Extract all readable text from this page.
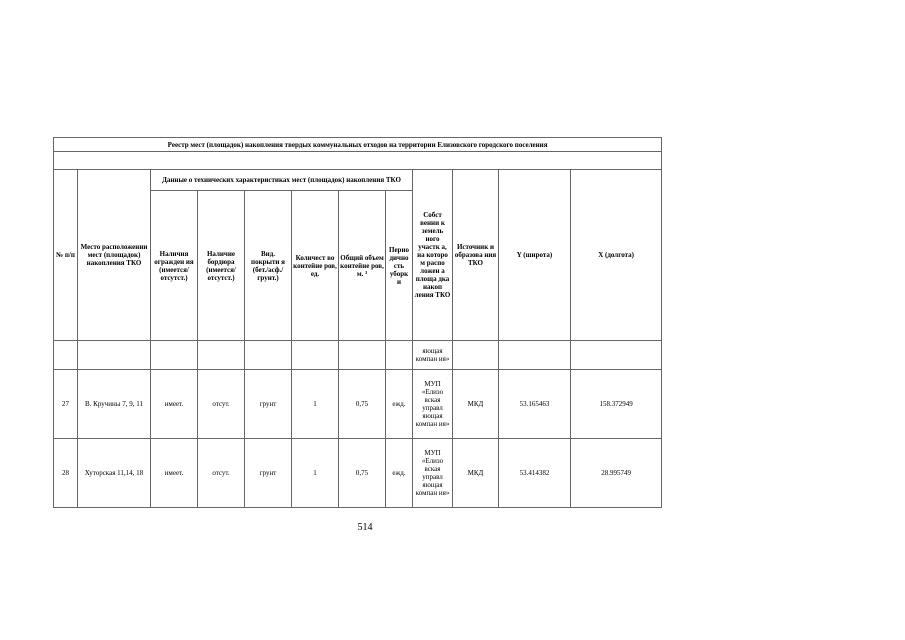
Реестр мест (площадок) накопления твердых коммунальных отходов на территории Елизовского городского поселения											

№ п/п	Место расположении мест (площадок) накопления ТКО	Данные о технических характеристиках мест (площадок) накопления ТКО						Собст венни к земель ного участк а, на которо м распо ложен а площа дка накоп ления ТКО	Источник и образова ния ТКО	Y (широта)	X (долгота)
		Наличия огражден ия (имеется/ отсутст.)	Наличие бордюра (имеется/ отсутст.)	Вид. покрыти я (бет./асф./ грунт.)	Количест во контейне ров, ед.	Общий объем контейне ров, м. ³	Перио дично сть уборк и				
								яющая компан ия»			
27	В. Кручины 7, 9, 11	имеет.	отсут.	грунт	1	0,75	ежд.	МУП «Елизо вская управл яющая компан ия»	МКД	53.165463	158.372949
28	Хуторская 11,14, 18	имеет.	отсут.	грунт	1	0,75	ежд.	МУП «Елизо вская управл яющая компан ия»	МКД	53.414382	28.995749
514
